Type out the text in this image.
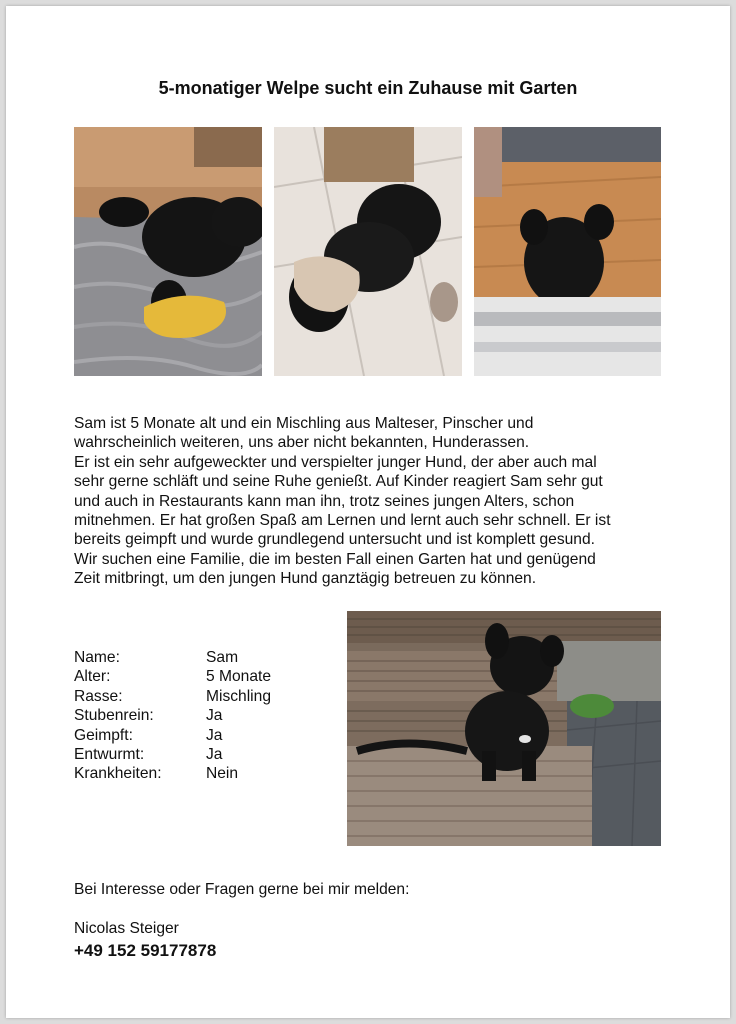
5-monatiger Welpe sucht ein Zuhause mit Garten

Sam ist 5 Monate alt und ein Mischling aus Malteser, Pinscher und

wahrscheinlich weiteren, uns aber nicht bekannten, Hunderassen.

Er ist ein sehr aufgeweckter und verspielter junger Hund, der aber auch mal

sehr gerne schläft und seine Ruhe genießt. Auf Kinder reagiert Sam sehr gut

und auch in Restaurants kann man ihn, trotz seines jungen Alters, schon

mitnehmen. Er hat großen Spaß am Lernen und lernt auch sehr schnell. Er ist

bereits geimpft und wurde grundlegend untersucht und ist komplett gesund.

Wir suchen eine Familie, die im besten Fall einen Garten hat und genügend

Zeit mitbringt, um den jungen Hund ganztägig betreuen zu können.

Name:	Sam
Alter:	5 Monate
Rasse:	Mischling
Stubenrein:	Ja
Geimpft:	Ja
Entwurmt:	Ja
Krankheiten:	Nein
Bei Interesse oder Fragen gerne bei mir melden:
Nicolas Steiger
+49 152 59177878
